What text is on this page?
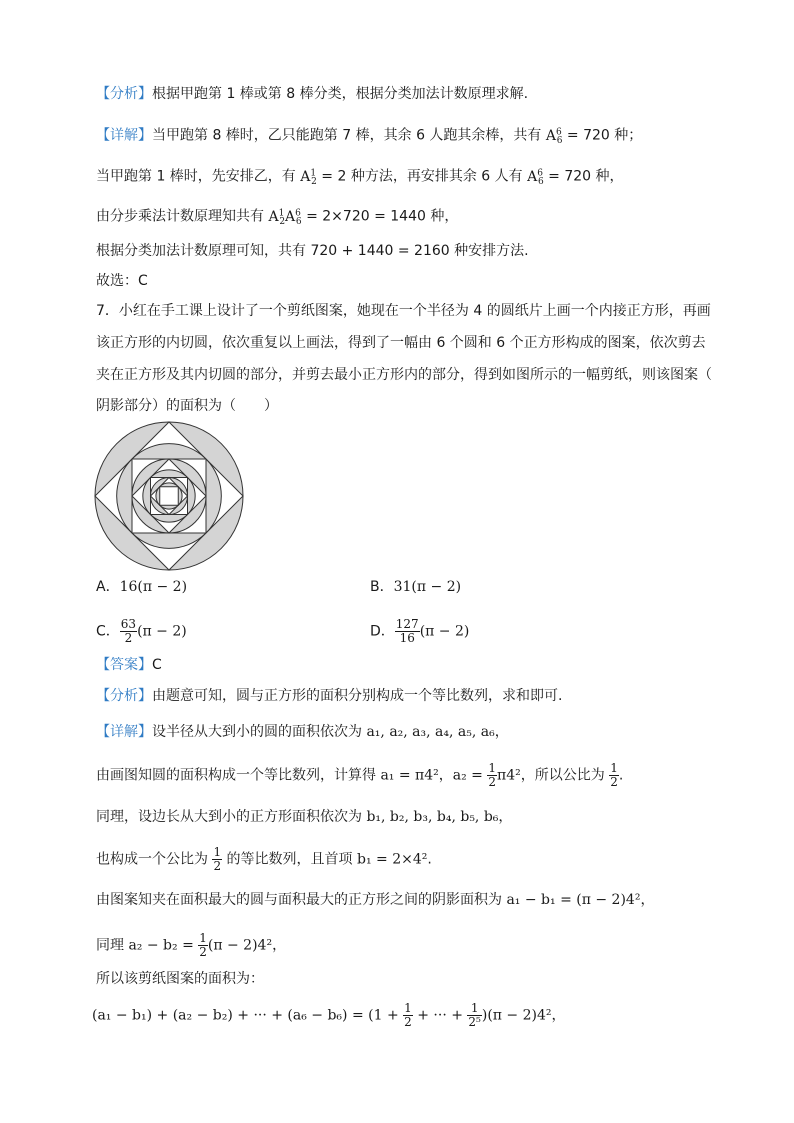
【分析】根据甲跑第 1 棒或第 8 棒分类，根据分类加法计数原理求解.
【详解】当甲跑第 8 棒时，乙只能跑第 7 棒，其余 6 人跑其余棒，共有 $A^6_6 = 720$ 种；
当甲跑第 1 棒时，先安排乙，有 $A^1_2 = 2$ 种方法，再安排其余 6 人有 $A^6_6 = 720$ 种，
由分步乘法计数原理知共有 $A^1_2A^6_6 = 2\times 720 = 1440$ 种，
根据分类加法计数原理可知，共有 720 + 1440 = 2160 种安排方法.
故选：C
7．小红在手工课上设计了一个剪纸图案，她现在一个半径为 4 的圆纸片上画一个内接正方形，再画
该正方形的内切圆，依次重复以上画法，得到了一幅由 6 个圆和 6 个正方形构成的图案，依次剪去
夹在正方形及其内切圆的部分，并剪去最小正方形内的部分，得到如图所示的一幅剪纸，则该图案（
阴影部分）的面积为（　　）
A．16(π − 2)	B．31(π − 2)
C． $\frac{63}{2} (\pi - 2)$	D． $\frac{127}{16} (\pi - 2)$
【答案】C
【分析】由题意可知，圆与正方形的面积分别构成一个等比数列，求和即可.
【详解】设半径从大到小的圆的面积依次为 a₁, a₂, a₃, a₄, a₅, a₆，
由画图知圆的面积构成一个等比数列，计算得 a₁ = π4²，$a_2 = \frac{1}{2} \pi 4^2$，所以公比为 $\frac{1}{2}$ .
同理，设边长从大到小的正方形面积依次为 b₁, b₂, b₃, b₄, b₅, b₆，
也构成一个公比为 $\frac{1}{2}$ 的等比数列，且首项 b₁ = 2×4².
由图案知夹在面积最大的圆与面积最大的正方形之间的阴影面积为 a₁ − b₁ = (π − 2)4²，
同理 $a_2 - b_2 = \frac{1}{2} (\pi - 2)4^2$，
所以该剪纸图案的面积为：
(a₁ − b₁) + (a₂ − b₂) + ··· + $(a_6 - b_6) = (1 + \frac{1}{2}$ + ··· + $\frac{1}{\text{2⁵}} )(\pi - 2)4^2$，
